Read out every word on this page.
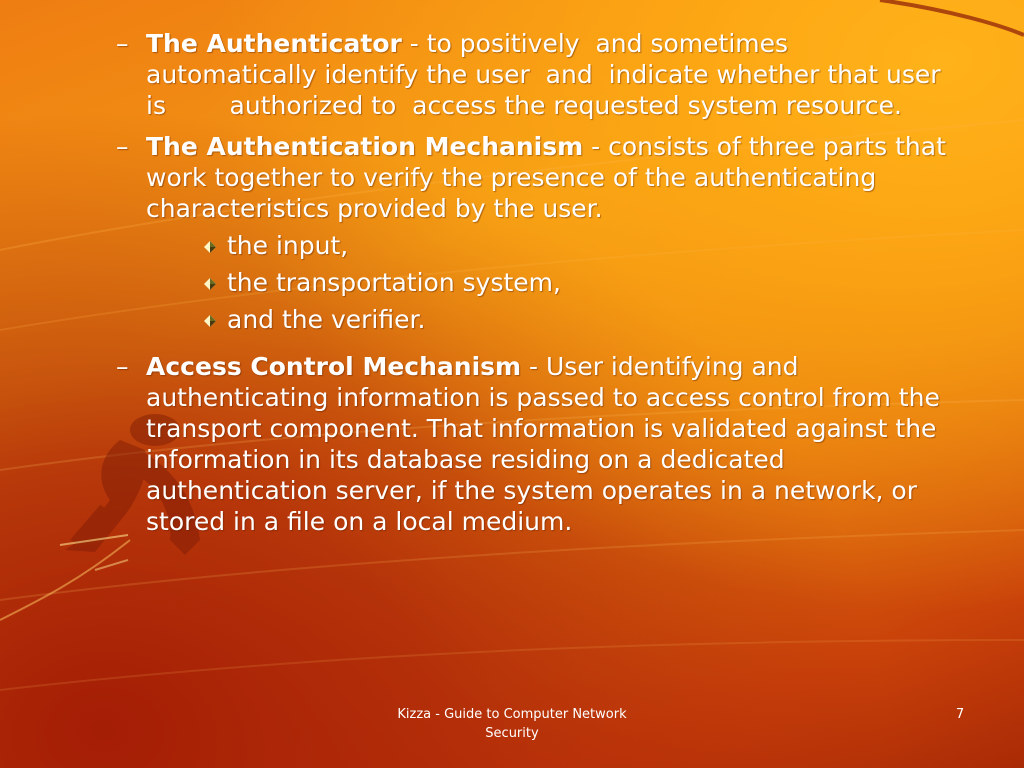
– The Authenticator - to positively  and sometimes automatically identify the user  and  indicate whether that user is        authorized to  access the requested system resource.
– The Authentication Mechanism - consists of three parts that work together to verify the presence of the authenticating characteristics provided by the user.
the input,
the transportation system,
and the verifier.
– Access Control Mechanism - User identifying and authenticating information is passed to access control from the transport component. That information is validated against the information in its database residing on a dedicated authentication server, if the system operates in a network, or stored in a file on a local medium.
Kizza - Guide to Computer Network Security
7
